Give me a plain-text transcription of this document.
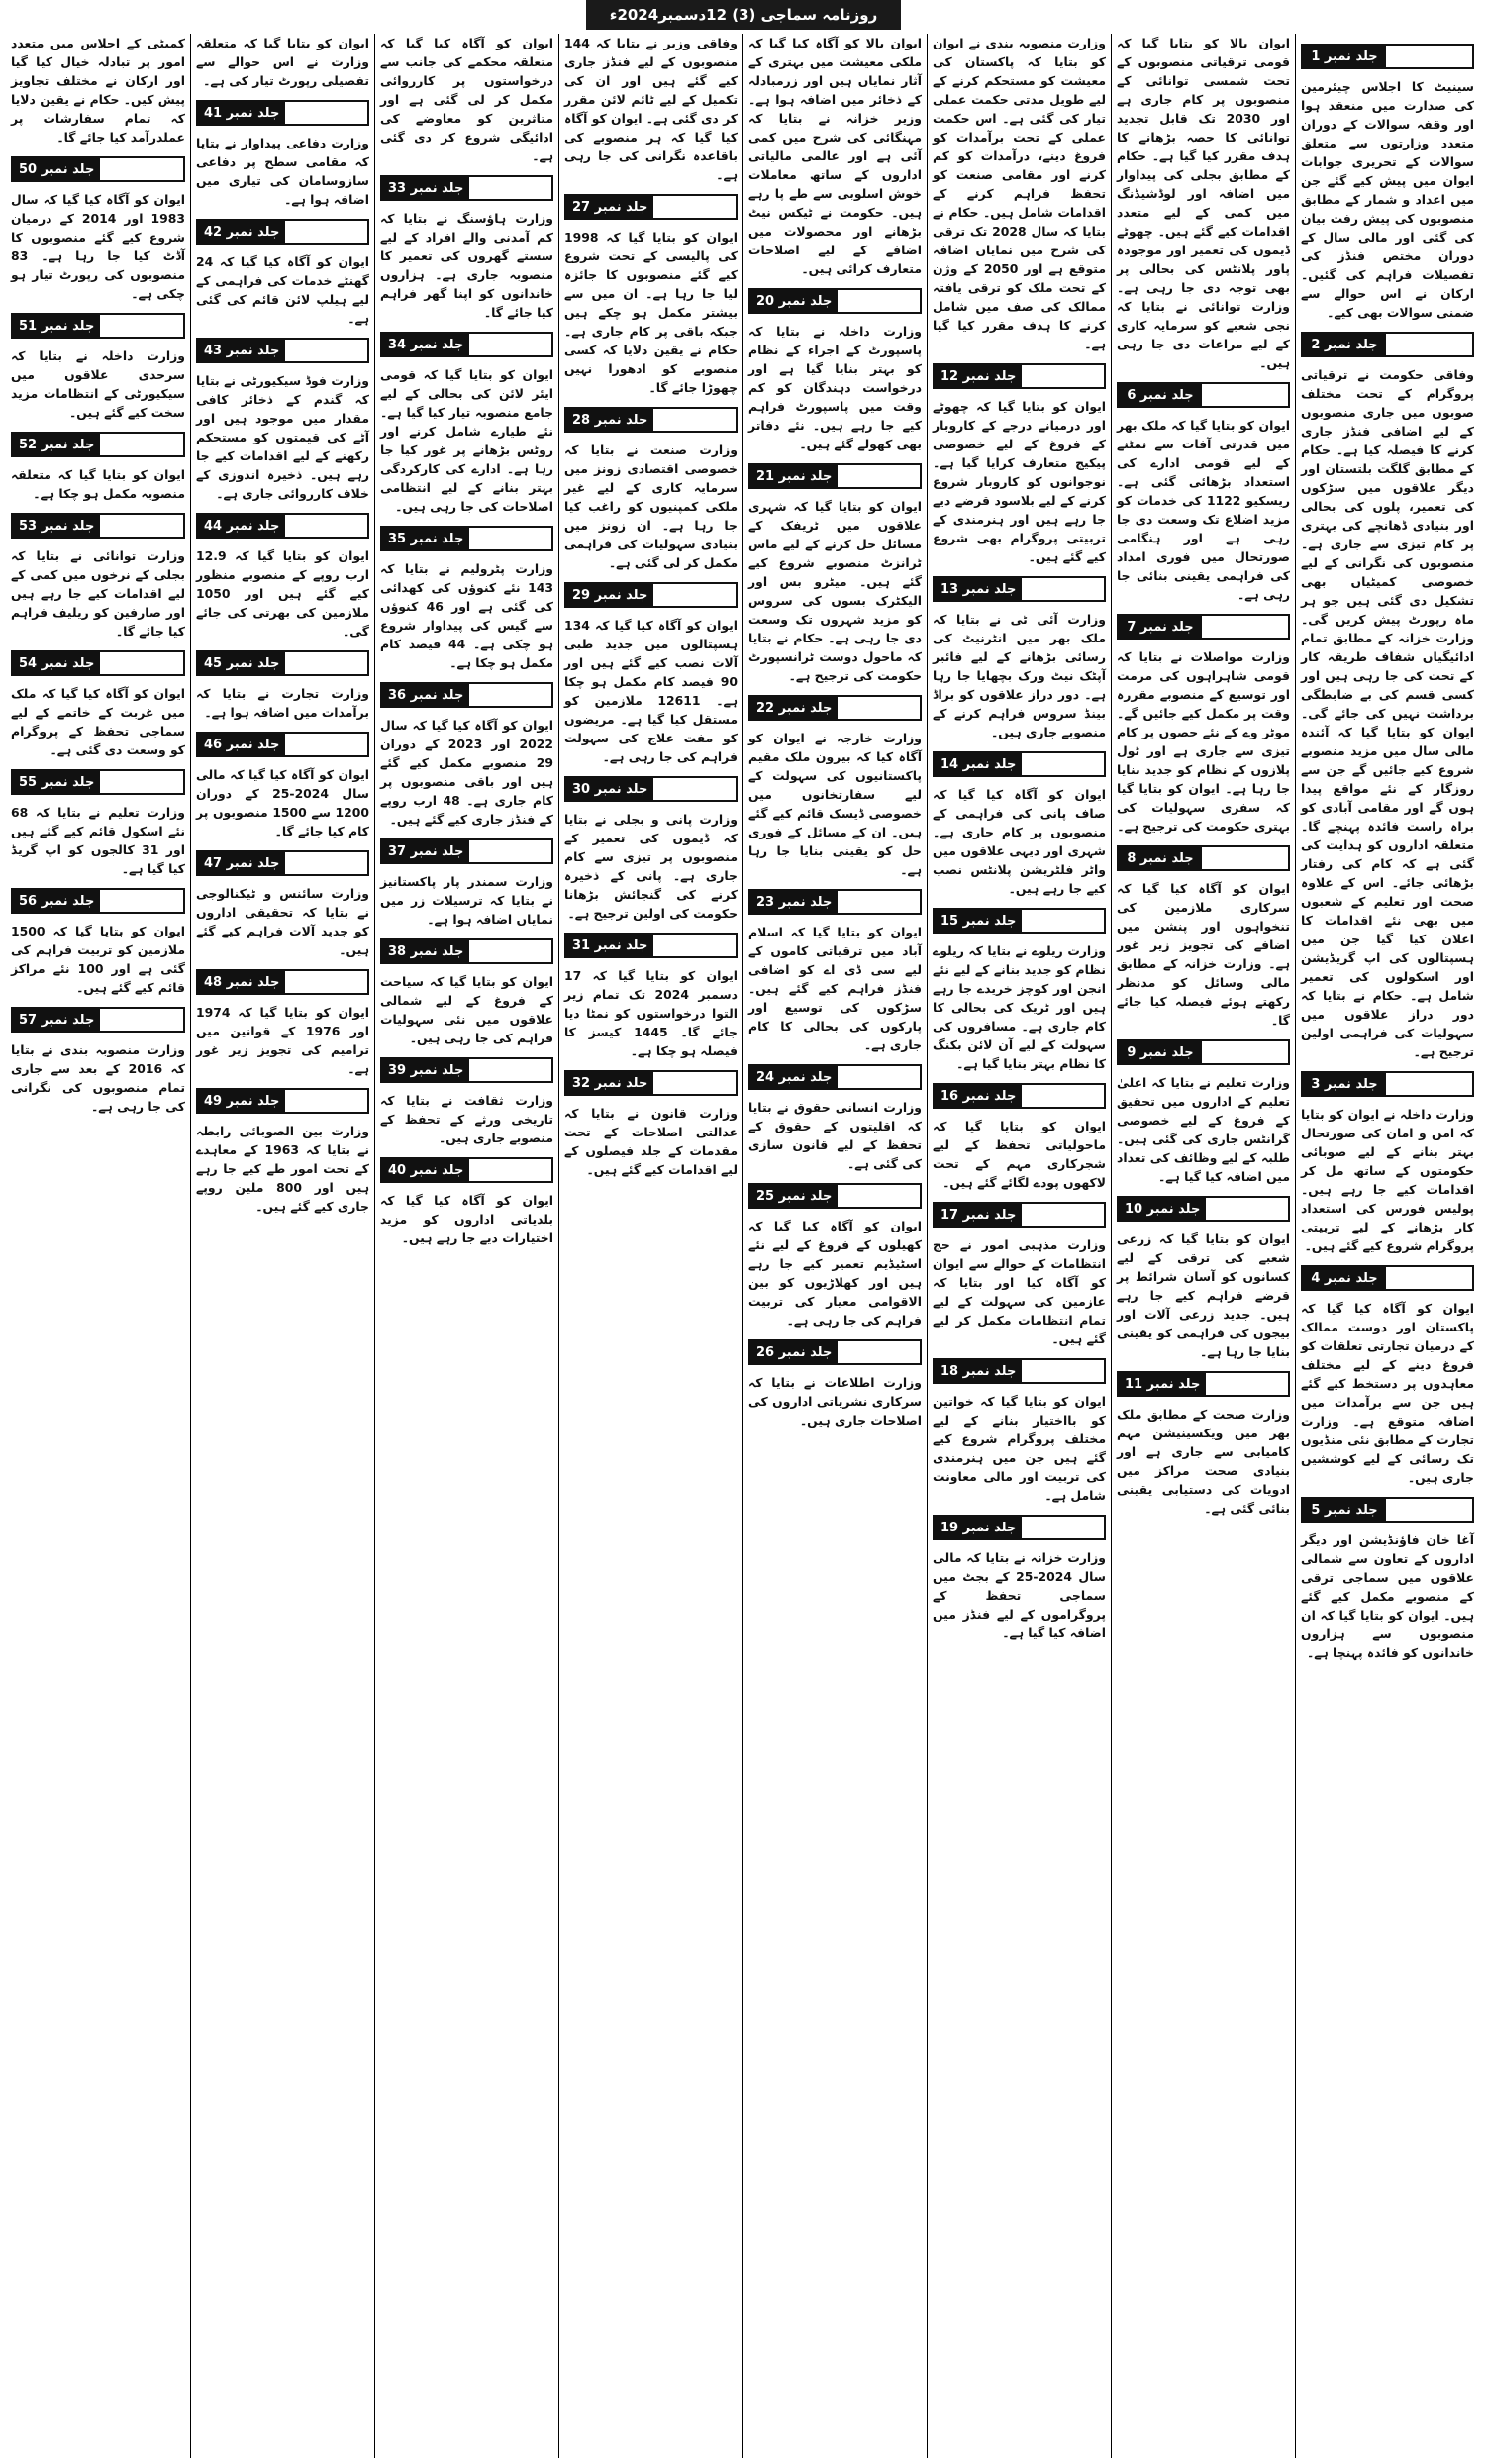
روزنامہ سماجی (3) 12دسمبر2024ء
جلد نمبر 1

سینیٹ کا اجلاس چیئرمین کی صدارت میں منعقد ہوا اور وقفہ سوالات کے دوران متعدد وزارتوں سے متعلق سوالات کے تحریری جوابات ایوان میں پیش کیے گئے جن میں اعداد و شمار کے مطابق منصوبوں کی پیش رفت بیان کی گئی اور مالی سال کے دوران مختص فنڈز کی تفصیلات فراہم کی گئیں۔ ارکان نے اس حوالے سے ضمنی سوالات بھی کیے۔

جلد نمبر 2

وفاقی حکومت نے ترقیاتی پروگرام کے تحت مختلف صوبوں میں جاری منصوبوں کے لیے اضافی فنڈز جاری کرنے کا فیصلہ کیا ہے۔ حکام کے مطابق گلگت بلتستان اور دیگر علاقوں میں سڑکوں کی تعمیر، پلوں کی بحالی اور بنیادی ڈھانچے کی بہتری پر کام تیزی سے جاری ہے۔ منصوبوں کی نگرانی کے لیے خصوصی کمیٹیاں بھی تشکیل دی گئی ہیں جو ہر ماہ رپورٹ پیش کریں گی۔ وزارت خزانہ کے مطابق تمام ادائیگیاں شفاف طریقہ کار کے تحت کی جا رہی ہیں اور کسی قسم کی بے ضابطگی برداشت نہیں کی جائے گی۔ ایوان کو بتایا گیا کہ آئندہ مالی سال میں مزید منصوبے شروع کیے جائیں گے جن سے روزگار کے نئے مواقع پیدا ہوں گے اور مقامی آبادی کو براہ راست فائدہ پہنچے گا۔ متعلقہ اداروں کو ہدایت کی گئی ہے کہ کام کی رفتار بڑھائی جائے۔ اس کے علاوہ صحت اور تعلیم کے شعبوں میں بھی نئے اقدامات کا اعلان کیا گیا جن میں ہسپتالوں کی اپ گریڈیشن اور اسکولوں کی تعمیر شامل ہے۔ حکام نے بتایا کہ دور دراز علاقوں میں سہولیات کی فراہمی اولین ترجیح ہے۔

جلد نمبر 3

وزارت داخلہ نے ایوان کو بتایا کہ امن و امان کی صورتحال بہتر بنانے کے لیے صوبائی حکومتوں کے ساتھ مل کر اقدامات کیے جا رہے ہیں۔ پولیس فورس کی استعداد کار بڑھانے کے لیے تربیتی پروگرام شروع کیے گئے ہیں۔

جلد نمبر 4

ایوان کو آگاہ کیا گیا کہ پاکستان اور دوست ممالک کے درمیان تجارتی تعلقات کو فروغ دینے کے لیے مختلف معاہدوں پر دستخط کیے گئے ہیں جن سے برآمدات میں اضافہ متوقع ہے۔ وزارت تجارت کے مطابق نئی منڈیوں تک رسائی کے لیے کوششیں جاری ہیں۔

جلد نمبر 5

آغا خان فاؤنڈیشن اور دیگر اداروں کے تعاون سے شمالی علاقوں میں سماجی ترقی کے منصوبے مکمل کیے گئے ہیں۔ ایوان کو بتایا گیا کہ ان منصوبوں سے ہزاروں خاندانوں کو فائدہ پہنچا ہے۔

ایوان بالا کو بتایا گیا کہ قومی ترقیاتی منصوبوں کے تحت شمسی توانائی کے منصوبوں پر کام جاری ہے اور 2030 تک قابل تجدید توانائی کا حصہ بڑھانے کا ہدف مقرر کیا گیا ہے۔ حکام کے مطابق بجلی کی پیداوار میں اضافہ اور لوڈشیڈنگ میں کمی کے لیے متعدد اقدامات کیے گئے ہیں۔ چھوٹے ڈیموں کی تعمیر اور موجودہ پاور پلانٹس کی بحالی پر بھی توجہ دی جا رہی ہے۔ وزارت توانائی نے بتایا کہ نجی شعبے کو سرمایہ کاری کے لیے مراعات دی جا رہی ہیں۔

جلد نمبر 6

ایوان کو بتایا گیا کہ ملک بھر میں قدرتی آفات سے نمٹنے کے لیے قومی ادارے کی استعداد بڑھائی گئی ہے۔ ریسکیو 1122 کی خدمات کو مزید اضلاع تک وسعت دی جا رہی ہے اور ہنگامی صورتحال میں فوری امداد کی فراہمی یقینی بنائی جا رہی ہے۔

جلد نمبر 7

وزارت مواصلات نے بتایا کہ قومی شاہراہوں کی مرمت اور توسیع کے منصوبے مقررہ وقت پر مکمل کیے جائیں گے۔ موٹر وے کے نئے حصوں پر کام تیزی سے جاری ہے اور ٹول پلازوں کے نظام کو جدید بنایا جا رہا ہے۔ ایوان کو بتایا گیا کہ سفری سہولیات کی بہتری حکومت کی ترجیح ہے۔

جلد نمبر 8

ایوان کو آگاہ کیا گیا کہ سرکاری ملازمین کی تنخواہوں اور پنشن میں اضافے کی تجویز زیر غور ہے۔ وزارت خزانہ کے مطابق مالی وسائل کو مدنظر رکھتے ہوئے فیصلہ کیا جائے گا۔

جلد نمبر 9

وزارت تعلیم نے بتایا کہ اعلیٰ تعلیم کے اداروں میں تحقیق کے فروغ کے لیے خصوصی گرانٹس جاری کی گئی ہیں۔ طلبہ کے لیے وظائف کی تعداد میں اضافہ کیا گیا ہے۔

جلد نمبر 10

ایوان کو بتایا گیا کہ زرعی شعبے کی ترقی کے لیے کسانوں کو آسان شرائط پر قرضے فراہم کیے جا رہے ہیں۔ جدید زرعی آلات اور بیجوں کی فراہمی کو یقینی بنایا جا رہا ہے۔

جلد نمبر 11

وزارت صحت کے مطابق ملک بھر میں ویکسینیشن مہم کامیابی سے جاری ہے اور بنیادی صحت مراکز میں ادویات کی دستیابی یقینی بنائی گئی ہے۔

وزارت منصوبہ بندی نے ایوان کو بتایا کہ پاکستان کی معیشت کو مستحکم کرنے کے لیے طویل مدتی حکمت عملی تیار کی گئی ہے۔ اس حکمت عملی کے تحت برآمدات کو فروغ دینے، درآمدات کو کم کرنے اور مقامی صنعت کو تحفظ فراہم کرنے کے اقدامات شامل ہیں۔ حکام نے بتایا کہ سال 2028 تک ترقی کی شرح میں نمایاں اضافہ متوقع ہے اور 2050 کے وژن کے تحت ملک کو ترقی یافتہ ممالک کی صف میں شامل کرنے کا ہدف مقرر کیا گیا ہے۔

جلد نمبر 12

ایوان کو بتایا گیا کہ چھوٹے اور درمیانے درجے کے کاروبار کے فروغ کے لیے خصوصی پیکیج متعارف کرایا گیا ہے۔ نوجوانوں کو کاروبار شروع کرنے کے لیے بلاسود قرضے دیے جا رہے ہیں اور ہنرمندی کے تربیتی پروگرام بھی شروع کیے گئے ہیں۔

جلد نمبر 13

وزارت آئی ٹی نے بتایا کہ ملک بھر میں انٹرنیٹ کی رسائی بڑھانے کے لیے فائبر آپٹک نیٹ ورک بچھایا جا رہا ہے۔ دور دراز علاقوں کو براڈ بینڈ سروس فراہم کرنے کے منصوبے جاری ہیں۔

جلد نمبر 14

ایوان کو آگاہ کیا گیا کہ صاف پانی کی فراہمی کے منصوبوں پر کام جاری ہے۔ شہری اور دیہی علاقوں میں واٹر فلٹریشن پلانٹس نصب کیے جا رہے ہیں۔

جلد نمبر 15

وزارت ریلوے نے بتایا کہ ریلوے نظام کو جدید بنانے کے لیے نئے انجن اور کوچز خریدے جا رہے ہیں اور ٹریک کی بحالی کا کام جاری ہے۔ مسافروں کی سہولت کے لیے آن لائن بکنگ کا نظام بہتر بنایا گیا ہے۔

جلد نمبر 16

ایوان کو بتایا گیا کہ ماحولیاتی تحفظ کے لیے شجرکاری مہم کے تحت لاکھوں پودے لگائے گئے ہیں۔

جلد نمبر 17

وزارت مذہبی امور نے حج انتظامات کے حوالے سے ایوان کو آگاہ کیا اور بتایا کہ عازمین کی سہولت کے لیے تمام انتظامات مکمل کر لیے گئے ہیں۔

جلد نمبر 18

ایوان کو بتایا گیا کہ خواتین کو بااختیار بنانے کے لیے مختلف پروگرام شروع کیے گئے ہیں جن میں ہنرمندی کی تربیت اور مالی معاونت شامل ہے۔

جلد نمبر 19

وزارت خزانہ نے بتایا کہ مالی سال 2024-25 کے بجٹ میں سماجی تحفظ کے پروگراموں کے لیے فنڈز میں اضافہ کیا گیا ہے۔

ایوان بالا کو آگاہ کیا گیا کہ ملکی معیشت میں بہتری کے آثار نمایاں ہیں اور زرمبادلہ کے ذخائر میں اضافہ ہوا ہے۔ وزیر خزانہ نے بتایا کہ مہنگائی کی شرح میں کمی آئی ہے اور عالمی مالیاتی اداروں کے ساتھ معاملات خوش اسلوبی سے طے پا رہے ہیں۔ حکومت نے ٹیکس نیٹ بڑھانے اور محصولات میں اضافے کے لیے اصلاحات متعارف کرائی ہیں۔

جلد نمبر 20

وزارت داخلہ نے بتایا کہ پاسپورٹ کے اجراء کے نظام کو بہتر بنایا گیا ہے اور درخواست دہندگان کو کم وقت میں پاسپورٹ فراہم کیے جا رہے ہیں۔ نئے دفاتر بھی کھولے گئے ہیں۔

جلد نمبر 21

ایوان کو بتایا گیا کہ شہری علاقوں میں ٹریفک کے مسائل حل کرنے کے لیے ماس ٹرانزٹ منصوبے شروع کیے گئے ہیں۔ میٹرو بس اور الیکٹرک بسوں کی سروس کو مزید شہروں تک وسعت دی جا رہی ہے۔ حکام نے بتایا کہ ماحول دوست ٹرانسپورٹ حکومت کی ترجیح ہے۔

جلد نمبر 22

وزارت خارجہ نے ایوان کو آگاہ کیا کہ بیرون ملک مقیم پاکستانیوں کی سہولت کے لیے سفارتخانوں میں خصوصی ڈیسک قائم کیے گئے ہیں۔ ان کے مسائل کے فوری حل کو یقینی بنایا جا رہا ہے۔

جلد نمبر 23

ایوان کو بتایا گیا کہ اسلام آباد میں ترقیاتی کاموں کے لیے سی ڈی اے کو اضافی فنڈز فراہم کیے گئے ہیں۔ سڑکوں کی توسیع اور پارکوں کی بحالی کا کام جاری ہے۔

جلد نمبر 24

وزارت انسانی حقوق نے بتایا کہ اقلیتوں کے حقوق کے تحفظ کے لیے قانون سازی کی گئی ہے۔

جلد نمبر 25

ایوان کو آگاہ کیا گیا کہ کھیلوں کے فروغ کے لیے نئے اسٹیڈیم تعمیر کیے جا رہے ہیں اور کھلاڑیوں کو بین الاقوامی معیار کی تربیت فراہم کی جا رہی ہے۔

جلد نمبر 26

وزارت اطلاعات نے بتایا کہ سرکاری نشریاتی اداروں کی اصلاحات جاری ہیں۔

وفاقی وزیر نے بتایا کہ 144 منصوبوں کے لیے فنڈز جاری کیے گئے ہیں اور ان کی تکمیل کے لیے ٹائم لائن مقرر کر دی گئی ہے۔ ایوان کو آگاہ کیا گیا کہ ہر منصوبے کی باقاعدہ نگرانی کی جا رہی ہے۔

جلد نمبر 27

ایوان کو بتایا گیا کہ 1998 کی پالیسی کے تحت شروع کیے گئے منصوبوں کا جائزہ لیا جا رہا ہے۔ ان میں سے بیشتر مکمل ہو چکے ہیں جبکہ باقی پر کام جاری ہے۔ حکام نے یقین دلایا کہ کسی منصوبے کو ادھورا نہیں چھوڑا جائے گا۔

جلد نمبر 28

وزارت صنعت نے بتایا کہ خصوصی اقتصادی زونز میں سرمایہ کاری کے لیے غیر ملکی کمپنیوں کو راغب کیا جا رہا ہے۔ ان زونز میں بنیادی سہولیات کی فراہمی مکمل کر لی گئی ہے۔

جلد نمبر 29

ایوان کو آگاہ کیا گیا کہ 134 ہسپتالوں میں جدید طبی آلات نصب کیے گئے ہیں اور 90 فیصد کام مکمل ہو چکا ہے۔ 12611 ملازمین کو مستقل کیا گیا ہے۔ مریضوں کو مفت علاج کی سہولت فراہم کی جا رہی ہے۔

جلد نمبر 30

وزارت پانی و بجلی نے بتایا کہ ڈیموں کی تعمیر کے منصوبوں پر تیزی سے کام جاری ہے۔ پانی کے ذخیرہ کرنے کی گنجائش بڑھانا حکومت کی اولین ترجیح ہے۔

جلد نمبر 31

ایوان کو بتایا گیا کہ 17 دسمبر 2024 تک تمام زیر التوا درخواستوں کو نمٹا دیا جائے گا۔ 1445 کیسز کا فیصلہ ہو چکا ہے۔

جلد نمبر 32

وزارت قانون نے بتایا کہ عدالتی اصلاحات کے تحت مقدمات کے جلد فیصلوں کے لیے اقدامات کیے گئے ہیں۔

ایوان کو آگاہ کیا گیا کہ متعلقہ محکمے کی جانب سے درخواستوں پر کارروائی مکمل کر لی گئی ہے اور متاثرین کو معاوضے کی ادائیگی شروع کر دی گئی ہے۔

جلد نمبر 33

وزارت ہاؤسنگ نے بتایا کہ کم آمدنی والے افراد کے لیے سستے گھروں کی تعمیر کا منصوبہ جاری ہے۔ ہزاروں خاندانوں کو اپنا گھر فراہم کیا جائے گا۔

جلد نمبر 34

ایوان کو بتایا گیا کہ قومی ایئر لائن کی بحالی کے لیے جامع منصوبہ تیار کیا گیا ہے۔ نئے طیارے شامل کرنے اور روٹس بڑھانے پر غور کیا جا رہا ہے۔ ادارے کی کارکردگی بہتر بنانے کے لیے انتظامی اصلاحات کی جا رہی ہیں۔

جلد نمبر 35

وزارت پٹرولیم نے بتایا کہ 143 نئے کنوؤں کی کھدائی کی گئی ہے اور 46 کنوؤں سے گیس کی پیداوار شروع ہو چکی ہے۔ 44 فیصد کام مکمل ہو چکا ہے۔

جلد نمبر 36

ایوان کو آگاہ کیا گیا کہ سال 2022 اور 2023 کے دوران 29 منصوبے مکمل کیے گئے ہیں اور باقی منصوبوں پر کام جاری ہے۔ 48 ارب روپے کے فنڈز جاری کیے گئے ہیں۔

جلد نمبر 37

وزارت سمندر پار پاکستانیز نے بتایا کہ ترسیلات زر میں نمایاں اضافہ ہوا ہے۔

جلد نمبر 38

ایوان کو بتایا گیا کہ سیاحت کے فروغ کے لیے شمالی علاقوں میں نئی سہولیات فراہم کی جا رہی ہیں۔

جلد نمبر 39

وزارت ثقافت نے بتایا کہ تاریخی ورثے کے تحفظ کے منصوبے جاری ہیں۔

جلد نمبر 40

ایوان کو آگاہ کیا گیا کہ بلدیاتی اداروں کو مزید اختیارات دیے جا رہے ہیں۔

ایوان کو بتایا گیا کہ متعلقہ وزارت نے اس حوالے سے تفصیلی رپورٹ تیار کی ہے۔

جلد نمبر 41

وزارت دفاعی پیداوار نے بتایا کہ مقامی سطح پر دفاعی سازوسامان کی تیاری میں اضافہ ہوا ہے۔

جلد نمبر 42

ایوان کو آگاہ کیا گیا کہ 24 گھنٹے خدمات کی فراہمی کے لیے ہیلپ لائن قائم کی گئی ہے۔

جلد نمبر 43

وزارت فوڈ سیکیورٹی نے بتایا کہ گندم کے ذخائر کافی مقدار میں موجود ہیں اور آٹے کی قیمتوں کو مستحکم رکھنے کے لیے اقدامات کیے جا رہے ہیں۔ ذخیرہ اندوزی کے خلاف کارروائی جاری ہے۔

جلد نمبر 44

ایوان کو بتایا گیا کہ 12.9 ارب روپے کے منصوبے منظور کیے گئے ہیں اور 1050 ملازمین کی بھرتی کی جائے گی۔

جلد نمبر 45

وزارت تجارت نے بتایا کہ برآمدات میں اضافہ ہوا ہے۔

جلد نمبر 46

ایوان کو آگاہ کیا گیا کہ مالی سال 2024-25 کے دوران 1200 سے 1500 منصوبوں پر کام کیا جائے گا۔

جلد نمبر 47

وزارت سائنس و ٹیکنالوجی نے بتایا کہ تحقیقی اداروں کو جدید آلات فراہم کیے گئے ہیں۔

جلد نمبر 48

ایوان کو بتایا گیا کہ 1974 اور 1976 کے قوانین میں ترامیم کی تجویز زیر غور ہے۔

جلد نمبر 49

وزارت بین الصوبائی رابطہ نے بتایا کہ 1963 کے معاہدے کے تحت امور طے کیے جا رہے ہیں اور 800 ملین روپے جاری کیے گئے ہیں۔

کمیٹی کے اجلاس میں متعدد امور پر تبادلہ خیال کیا گیا اور ارکان نے مختلف تجاویز پیش کیں۔ حکام نے یقین دلایا کہ تمام سفارشات پر عملدرآمد کیا جائے گا۔

جلد نمبر 50

ایوان کو آگاہ کیا گیا کہ سال 1983 اور 2014 کے درمیان شروع کیے گئے منصوبوں کا آڈٹ کیا جا رہا ہے۔ 83 منصوبوں کی رپورٹ تیار ہو چکی ہے۔

جلد نمبر 51

وزارت داخلہ نے بتایا کہ سرحدی علاقوں میں سیکیورٹی کے انتظامات مزید سخت کیے گئے ہیں۔

جلد نمبر 52

ایوان کو بتایا گیا کہ متعلقہ منصوبہ مکمل ہو چکا ہے۔

جلد نمبر 53

وزارت توانائی نے بتایا کہ بجلی کے نرخوں میں کمی کے لیے اقدامات کیے جا رہے ہیں اور صارفین کو ریلیف فراہم کیا جائے گا۔

جلد نمبر 54

ایوان کو آگاہ کیا گیا کہ ملک میں غربت کے خاتمے کے لیے سماجی تحفظ کے پروگرام کو وسعت دی گئی ہے۔

جلد نمبر 55

وزارت تعلیم نے بتایا کہ 68 نئے اسکول قائم کیے گئے ہیں اور 31 کالجوں کو اپ گریڈ کیا گیا ہے۔

جلد نمبر 56

ایوان کو بتایا گیا کہ 1500 ملازمین کو تربیت فراہم کی گئی ہے اور 100 نئے مراکز قائم کیے گئے ہیں۔

جلد نمبر 57

وزارت منصوبہ بندی نے بتایا کہ 2016 کے بعد سے جاری تمام منصوبوں کی نگرانی کی جا رہی ہے۔
